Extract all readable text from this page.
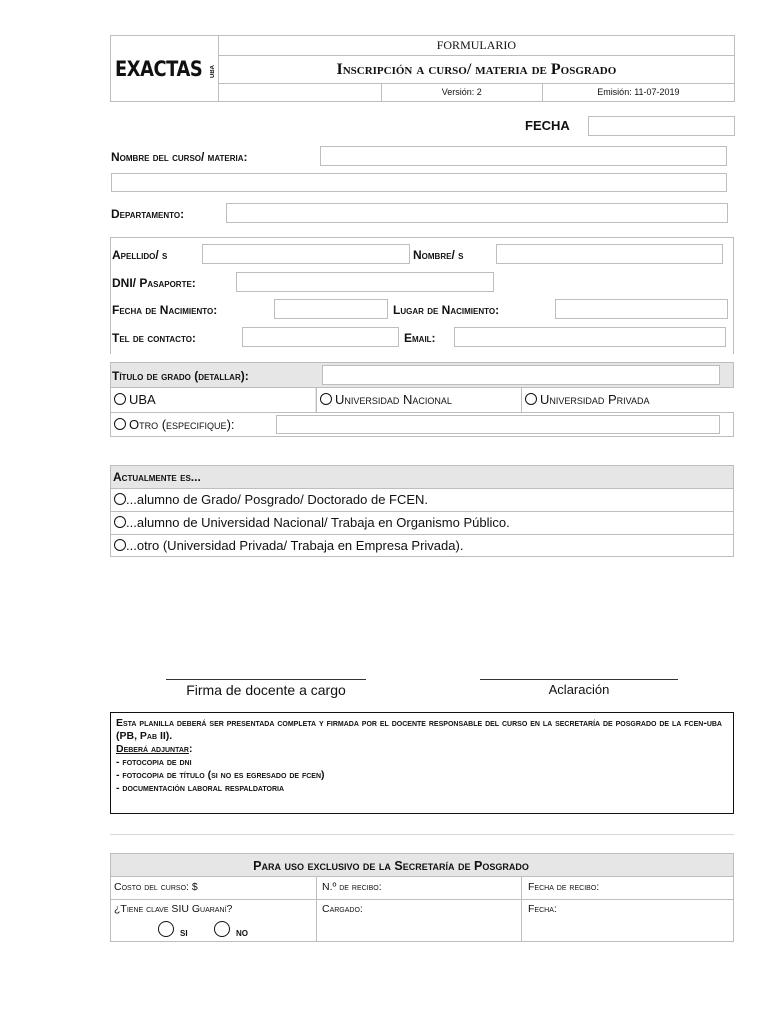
EXACTAS UBA	FORMULARIO		
	Inscripción a curso/ materia de Posgrado		
		Versión: 2	Emisión: 11-07-2019
FECHA
Nombre del curso/ materia:
Departamento:
Apellido/ s	Nombre/ s
DNI/ Pasaporte:
Fecha de Nacimiento:	Lugar de Nacimiento:
Tel de contacto:	Email:
Título de grado (detallar):
UBA	Universidad Nacional	Universidad Privada
Otro (especifique):
Actualmente es...
...alumno de Grado/ Posgrado/ Doctorado de FCEN.
...alumno de Universidad Nacional/ Trabaja en Organismo Público.
...otro (Universidad Privada/ Trabaja en Empresa Privada).
Firma de docente a cargo	Aclaración
Esta planilla deberá ser presentada completa y firmada por el docente responsable del curso en la secretaría de posgrado de la fcen-uba (PB, Pab II).
Deberá adjuntar:
- fotocopia de dni
- fotocopia de título (si no es egresado de fcen)
- documentación laboral respaldatoria
Para uso exclusivo de la Secretaría de Posgrado
Costo del curso: $	N.º de recibo:	Fecha de recibo:
¿Tiene clave SIU Guaraní?	Cargado:	Fecha:
si	no
